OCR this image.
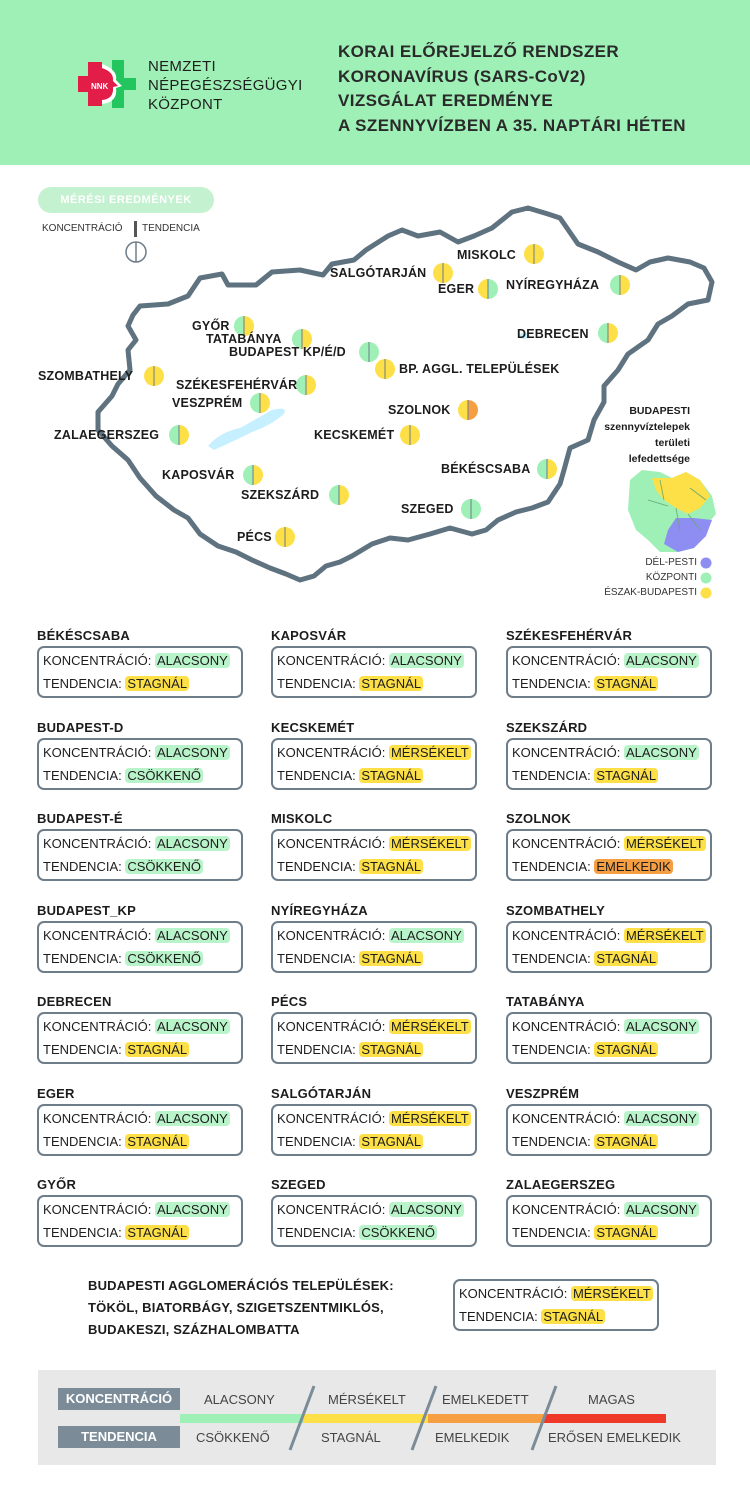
NNK
NEMZETI
NÉPEGÉSZSÉGÜGYI
KÖZPONT
KORAI ELŐREJELZŐ RENDSZER
KORONAVÍRUS (SARS-CoV2)
VIZSGÁLAT EREDMÉNYE
A SZENNYVÍZBEN A 35. NAPTÁRI HÉTEN
MÉRÉSI EREDMÉNYEK
KONCENTRÁCIÓ TENDENCIA
MISKOLC
SALGÓTARJÁN
EGER	NYÍREGYHÁZA
GYŐR
TATABÁNYA
BUDAPEST KP/É/D
DEBRECEN
BP. AGGL. TELEPÜLÉSEK
SZOMBATHELY
SZÉKESFEHÉRVÁR
VESZPRÉM	SZOLNOK
ZALAEGERSZEG	KECSKEMÉT
BÉKÉSCSABA
KAPOSVÁR
SZEKSZÁRD
SZEGED
PÉCS
BUDAPESTI
szennyvíztelepek
területi
lefedettsége
DÉL-PESTI
KÖZPONTI
ÉSZAK-BUDAPESTI
BÉKÉSCSABA
KONCENTRÁCIÓ: ALACSONY
TENDENCIA: STAGNÁL
KAPOSVÁR
KONCENTRÁCIÓ: ALACSONY
TENDENCIA: STAGNÁL
SZÉKESFEHÉRVÁR
KONCENTRÁCIÓ: ALACSONY
TENDENCIA: STAGNÁL
BUDAPEST-D
KONCENTRÁCIÓ: ALACSONY
TENDENCIA: CSÖKKENŐ
KECSKEMÉT
KONCENTRÁCIÓ: MÉRSÉKELT
TENDENCIA: STAGNÁL
SZEKSZÁRD
KONCENTRÁCIÓ: ALACSONY
TENDENCIA: STAGNÁL
BUDAPEST-É
KONCENTRÁCIÓ: ALACSONY
TENDENCIA: CSÖKKENŐ
MISKOLC
KONCENTRÁCIÓ: MÉRSÉKELT
TENDENCIA: STAGNÁL
SZOLNOK
KONCENTRÁCIÓ: MÉRSÉKELT
TENDENCIA: EMELKEDIK
BUDAPEST_KP
KONCENTRÁCIÓ: ALACSONY
TENDENCIA: CSÖKKENŐ
NYÍREGYHÁZA
KONCENTRÁCIÓ: ALACSONY
TENDENCIA: STAGNÁL
SZOMBATHELY
KONCENTRÁCIÓ: MÉRSÉKELT
TENDENCIA: STAGNÁL
DEBRECEN
KONCENTRÁCIÓ: ALACSONY
TENDENCIA: STAGNÁL
PÉCS
KONCENTRÁCIÓ: MÉRSÉKELT
TENDENCIA: STAGNÁL
TATABÁNYA
KONCENTRÁCIÓ: ALACSONY
TENDENCIA: STAGNÁL
EGER
KONCENTRÁCIÓ: ALACSONY
TENDENCIA: STAGNÁL
SALGÓTARJÁN
KONCENTRÁCIÓ: MÉRSÉKELT
TENDENCIA: STAGNÁL
VESZPRÉM
KONCENTRÁCIÓ: ALACSONY
TENDENCIA: STAGNÁL
GYŐR
KONCENTRÁCIÓ: ALACSONY
TENDENCIA: STAGNÁL
SZEGED
KONCENTRÁCIÓ: ALACSONY
TENDENCIA: CSÖKKENŐ
ZALAEGERSZEG
KONCENTRÁCIÓ: ALACSONY
TENDENCIA: STAGNÁL
BUDAPESTI AGGLOMERÁCIÓS TELEPÜLÉSEK:
TÖKÖL, BIATORBÁGY, SZIGETSZENTMIKLÓS,
BUDAKESZI, SZÁZHALOMBATTA
KONCENTRÁCIÓ: MÉRSÉKELT
TENDENCIA: STAGNÁL
KONCENTRÁCIÓ
TENDENCIA
ALACSONY	MÉRSÉKELT	EMELKEDETT	MAGAS
CSÖKKENŐ	STAGNÁL	EMELKEDIK	ERŐSEN EMELKEDIK
